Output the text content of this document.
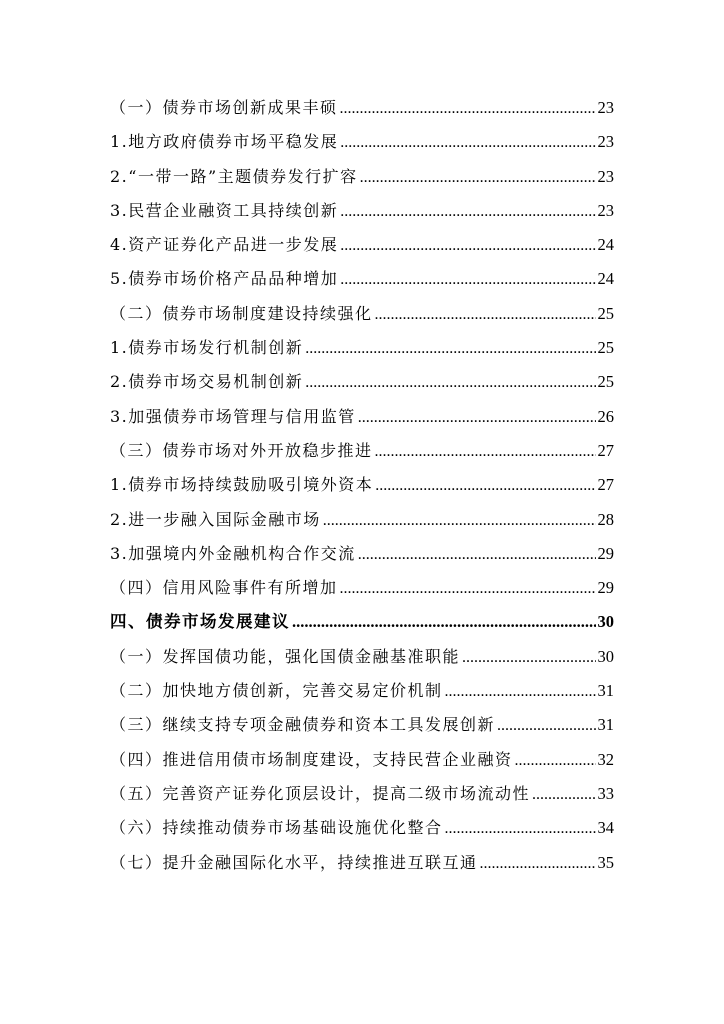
（一）债券市场创新成果丰硕 .....	23
1.地方政府债券市场平稳发展 .....	23
2.“一带一路”主题债券发行扩容 .....	23
3.民营企业融资工具持续创新 .....	23
4.资产证券化产品进一步发展 .....	24
5.债券市场价格产品品种增加 .....	24
（二）债券市场制度建设持续强化 .....	25
1.债券市场发行机制创新 .....	25
2.债券市场交易机制创新 .....	25
3.加强债券市场管理与信用监管 .....	26
（三）债券市场对外开放稳步推进 .....	27
1.债券市场持续鼓励吸引境外资本 .....	27
2.进一步融入国际金融市场 .....	28
3.加强境内外金融机构合作交流 .....	29
（四）信用风险事件有所增加 .....	29
四、债券市场发展建议 .....	30
（一）发挥国债功能，强化国债金融基准职能 .....	30
（二）加快地方债创新，完善交易定价机制 .....	31
（三）继续支持专项金融债券和资本工具发展创新 .....	31
（四）推进信用债市场制度建设，支持民营企业融资 .....	32
（五）完善资产证券化顶层设计，提高二级市场流动性 .....	33
（六）持续推动债券市场基础设施优化整合 .....	34
（七）提升金融国际化水平，持续推进互联互通 .....	35
